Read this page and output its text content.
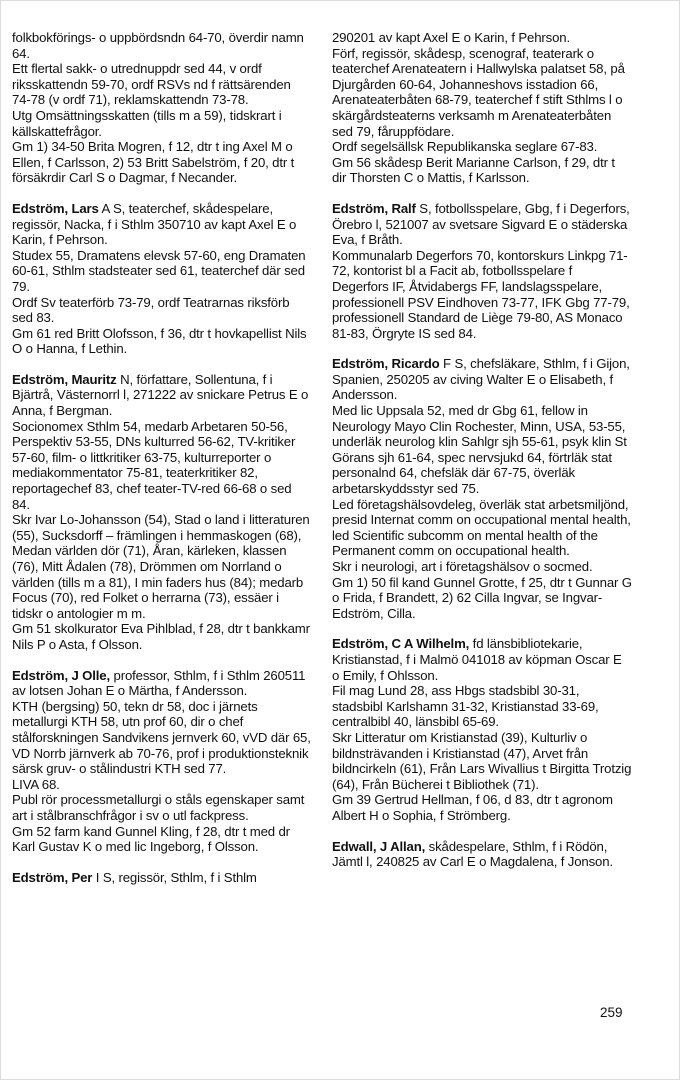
folkbokförings- o uppbördsndn 64-70, överdir namn 64.

Ett flertal sakk- o utrednuppdr sed 44, v ordf riksskattendn 59-70, ordf RSVs nd f rättsärenden 74-78 (v ordf 71), reklamskattendn 73-78.

Utg Omsättningsskatten (tills m a 59), tidskrart i källskattefrågor.

Gm 1) 34-50 Brita Mogren, f 12, dtr t ing Axel M o Ellen, f Carlsson, 2) 53 Britt Sabelström, f 20, dtr t försäkrdir Carl S o Dagmar, f Necander.

Edström, Lars A S, teaterchef, skådespelare, regissör, Nacka, f i Sthlm 350710 av kapt Axel E o Karin, f Pehrson.

Studex 55, Dramatens elevsk 57-60, eng Dramaten 60-61, Sthlm stadsteater sed 61, teaterchef där sed 79.

Ordf Sv teaterförb 73-79, ordf Teatrarnas riksförb sed 83.

Gm 61 red Britt Olofsson, f 36, dtr t hovkapellist Nils O o Hanna, f Lethin.

Edström, Mauritz N, författare, Sollentuna, f i Bjärtrå, Västernorrl l, 271222 av snickare Petrus E o Anna, f Bergman.

Socionomex Sthlm 54, medarb Arbetaren 50-56, Perspektiv 53-55, DNs kulturred 56-62, TV-kritiker 57-60, film- o littkritiker 63-75, kulturreporter o mediakommentator 75-81, teaterkritiker 82, reportagechef 83, chef teater-TV-red 66-68 o sed 84.

Skr Ivar Lo-Johansson (54), Stad o land i litteraturen (55), Sucksdorff – främlingen i hemmaskogen (68), Medan världen dör (71), Åran, kärleken, klassen (76), Mitt Ådalen (78), Drömmen om Norrland o världen (tills m a 81), I min faders hus (84); medarb Focus (70), red Folket o herrarna (73), essäer i tidskr o antologier m m.

Gm 51 skolkurator Eva Pihlblad, f 28, dtr t bankkamr Nils P o Asta, f Olsson.

Edström, J Olle, professor, Sthlm, f i Sthlm 260511 av lotsen Johan E o Märtha, f Andersson.

KTH (bergsing) 50, tekn dr 58, doc i järnets metallurgi KTH 58, utn prof 60, dir o chef stålforskningen Sandvikens jernverk 60, vVD där 65, VD Norrb järnverk ab 70-76, prof i produktionsteknik särsk gruv- o stålindustri KTH sed 77.

LIVA 68.

Publ rör processmetallurgi o ståls egenskaper samt art i stålbranschfrågor i sv o utl fackpress.

Gm 52 farm kand Gunnel Kling, f 28, dtr t med dr Karl Gustav K o med lic Ingeborg, f Olsson.

Edström, Per I S, regissör, Sthlm, f i Sthlm

290201 av kapt Axel E o Karin, f Pehrson.

Förf, regissör, skådesp, scenograf, teaterark o teaterchef Arenateatern i Hallwylska palatset 58, på Djurgården 60-64, Johanneshovs isstadion 66, Arenateaterbåten 68-79, teaterchef f stift Sthlms l o skärgårdsteaterns verksamh m Arenateaterbåten sed 79, fåruppfödare.

Ordf segelsällsk Republikanska seglare 67-83.

Gm 56 skådesp Berit Marianne Carlson, f 29, dtr t dir Thorsten C o Mattis, f Karlsson.

Edström, Ralf S, fotbollsspelare, Gbg, f i Degerfors, Örebro l, 521007 av svetsare Sigvard E o städerska Eva, f Bråth.

Kommunalarb Degerfors 70, kontorskurs Linkpg 71-72, kontorist bl a Facit ab, fotbollsspelare f Degerfors IF, Åtvidabergs FF, landslagsspelare, professionell PSV Eindhoven 73-77, IFK Gbg 77-79, professionell Standard de Liège 79-80, AS Monaco 81-83, Örgryte IS sed 84.

Edström, Ricardo F S, chefsläkare, Sthlm, f i Gijon, Spanien, 250205 av civing Walter E o Elisabeth, f Andersson.

Med lic Uppsala 52, med dr Gbg 61, fellow in Neurology Mayo Clin Rochester, Minn, USA, 53-55, underläk neurolog klin Sahlgr sjh 55-61, psyk klin St Görans sjh 61-64, spec nervsjukd 64, förtrläk stat personalnd 64, chefsläk där 67-75, överläk arbetarskyddsstyr sed 75.

Led företagshälsovdeleg, överläk stat arbetsmiljönd, presid Internat comm on occupational mental health, led Scientific subcomm on mental health of the Permanent comm on occupational health.

Skr i neurologi, art i företagshälsov o socmed.

Gm 1) 50 fil kand Gunnel Grotte, f 25, dtr t Gunnar G o Frida, f Brandett, 2) 62 Cilla Ingvar, se Ingvar-Edström, Cilla.

Edström, C A Wilhelm, fd länsbibliotekarie, Kristianstad, f i Malmö 041018 av köpman Oscar E o Emily, f Ohlsson.

Fil mag Lund 28, ass Hbgs stadsbibl 30-31, stadsbibl Karlshamn 31-32, Kristianstad 33-69, centralbibl 40, länsbibl 65-69.

Skr Litteratur om Kristianstad (39), Kulturliv o bildnsträvanden i Kristianstad (47), Arvet från bildncirkeln (61), Från Lars Wivallius t Birgitta Trotzig (64), Från Bücherei t Bibliothek (71).

Gm 39 Gertrud Hellman, f 06, d 83, dtr t agronom Albert H o Sophia, f Strömberg.

Edwall, J Allan, skådespelare, Sthlm, f i Rödön, Jämtl l, 240825 av Carl E o Magdalena, f Jonson.

259
